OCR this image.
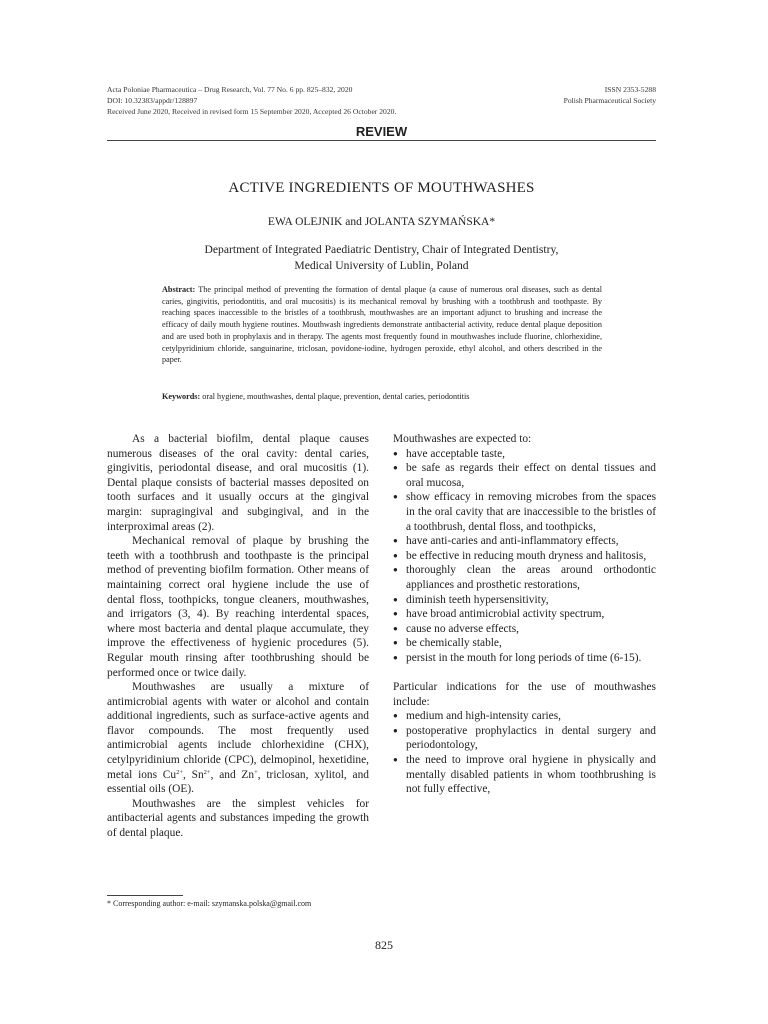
Acta Poloniae Pharmaceutica – Drug Research, Vol. 77 No. 6 pp. 825–832, 2020
DOI: 10.32383/appdr/128897
Received June 2020, Received in revised form 15 September 2020, Accepted 26 October 2020.
ISSN 2353-5288
Polish Pharmaceutical Society
REVIEW
ACTIVE INGREDIENTS OF MOUTHWASHES
EWA OLEJNIK and JOLANTA SZYMAŃSKA*
Department of Integrated Paediatric Dentistry, Chair of Integrated Dentistry,
Medical University of Lublin, Poland
Abstract: The principal method of preventing the formation of dental plaque (a cause of numerous oral diseases, such as dental caries, gingivitis, periodontitis, and oral mucositis) is its mechanical removal by brushing with a toothbrush and toothpaste. By reaching spaces inaccessible to the bristles of a toothbrush, mouthwashes are an important adjunct to brushing and increase the efficacy of daily mouth hygiene routines. Mouthwash ingredients demonstrate antibacterial activity, reduce dental plaque deposition and are used both in prophylaxis and in therapy. The agents most frequently found in mouthwashes include fluorine, chlorhexidine, cetylpyridinium chloride, sanguinarine, triclosan, povidone-iodine, hydrogen peroxide, ethyl alcohol, and others described in the paper.
Keywords: oral hygiene, mouthwashes, dental plaque, prevention, dental caries, periodontitis

As a bacterial biofilm, dental plaque causes numerous diseases of the oral cavity: dental caries, gingivitis, periodontal disease, and oral mucositis (1). Dental plaque consists of bacterial masses deposited on tooth surfaces and it usually occurs at the gingival margin: supragingival and subgingival, and in the interproximal areas (2).

Mechanical removal of plaque by brushing the teeth with a toothbrush and toothpaste is the principal method of preventing biofilm formation. Other means of maintaining correct oral hygiene include the use of dental floss, toothpicks, tongue cleaners, mouthwashes, and irrigators (3, 4). By reaching interdental spaces, where most bacteria and dental plaque accumulate, they improve the effectiveness of hygienic procedures (5). Regular mouth rinsing after toothbrushing should be performed once or twice daily.

Mouthwashes are usually a mixture of antimicrobial agents with water or alcohol and contain additional ingredients, such as surface-active agents and flavor compounds. The most frequently used antimicrobial agents include chlorhexidine (CHX), cetylpyridinium chloride (CPC), delmopinol, hexetidine, metal ions $Cu^{2+}$, $Sn^{2+}$, and Zn+, triclosan, xylitol, and essential oils (OE).

Mouthwashes are the simplest vehicles for antibacterial agents and substances impeding the growth of dental plaque.

Mouthwashes are expected to:

● have acceptable taste,
● be safe as regards their effect on dental tissues and oral mucosa,
● show efficacy in removing microbes from the spaces in the oral cavity that are inaccessible to the bristles of a toothbrush, dental floss, and toothpicks,
● have anti-caries and anti-inflammatory effects,
● be effective in reducing mouth dryness and halitosis,
● thoroughly clean the areas around orthodontic appliances and prosthetic restorations,
● diminish teeth hypersensitivity,
● have broad antimicrobial activity spectrum,
● cause no adverse effects,
● be chemically stable,
● persist in the mouth for long periods of time (6-15).

Particular indications for the use of mouthwashes include:

● medium and high-intensity caries,
● postoperative prophylactics in dental surgery and periodontology,
● the need to improve oral hygiene in physically and mentally disabled patients in whom toothbrushing is not fully effective,
* Corresponding author: e-mail: szymanska.polska@gmail.com
825
